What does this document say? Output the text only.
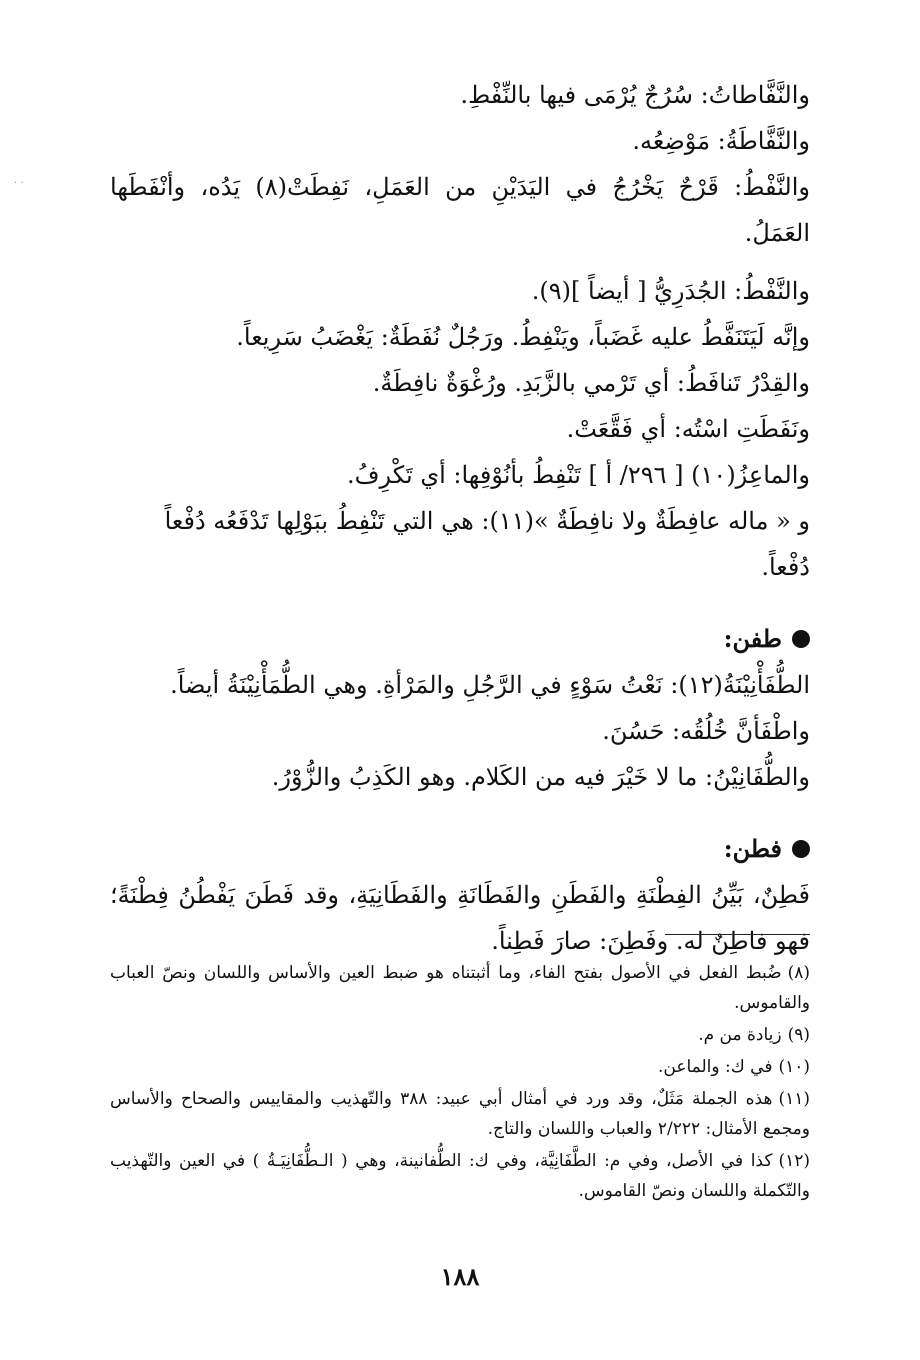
· ·

والنَّفَّاطاتُ: سُرُجٌ يُرْمَى فيها بالنِّفْطِ.

والنَّفَّاطَةُ: مَوْضِعُه.

والنَّفْطُ: قَرْحٌ يَخْرُجُ في اليَدَيْنِ من العَمَلِ، نَفِطَتْ(٨) يَدُه، وأنْفَطَها العَمَلُ.

والنَّفْطُ: الجُدَرِيُّ [ أيضاً ](٩).

وإنَّه لَيَتَنَفَّطُ عليه غَضَباً، ويَنْفِطُ. ورَجُلٌ نُفَطَةٌ: يَغْضَبُ سَرِيعاً.

والقِدْرُ تَنافَطُ: أي تَرْمي بالزَّبَدِ. ورُغْوَةٌ نافِطَةٌ.

ونَفَطَتِ اسْتُه: أي فَقَّعَتْ.

والماعِزُ(١٠) [ ٢٩٦/ أ ] تَنْفِطُ بأنُوْفِها: أي تَكْرِفُ.

و « ماله عافِطَةٌ ولا نافِطَةٌ »(١١): هي التي تَنْفِطُ ببَوْلِها تَدْفَعُه دُفْعاً دُفْعاً.

طفن:

الطُّفَأْنِيْنَةُ(١٢): نَعْتُ سَوْءٍ في الرَّجُلِ والمَرْأةِ. وهي الطُّمَأْنِيْنَةُ أيضاً.

واطْفَأنَّ خُلُقُه: حَسُنَ.

والطُّفَانِيْنُ: ما لا خَيْرَ فيه من الكَلام. وهو الكَذِبُ والزُّوْرُ.

فطن:

فَطِنٌ، بَيِّنُ الفِطْنَةِ والفَطَنِ والفَطَانَةِ والفَطَانِيَةِ، وقد فَطَنَ يَفْطُنُ فِطْنَةً؛ فهو فاطِنٌ له. وفَطِنَ: صارَ فَطِناً.

(٨)ضُبط الفعل في الأصول بفتح الفاء، وما أثبتناه هو ضبط العين والأساس واللسان ونصّ العباب والقاموس.

(٩)زيادة من م.

(١٠)في ك: والماعن.

(١١)هذه الجملة مَثَلٌ، وقد ورد في أمثال أبي عبيد: ٣٨٨ والتّهذيب والمقاييس والصحاح والأساس ومجمع الأمثال: ٢/٢٢٢ والعباب واللسان والتاج.

(١٢)كذا في الأصل، وفي م: الطَّفَانِيَّة، وفي ك: الطُّفانينة، وهي ( الـطُّفَانِيَـةُ ) في العين والتّهذيب والتّكملة واللسان ونصّ القاموس.

١٨٨
